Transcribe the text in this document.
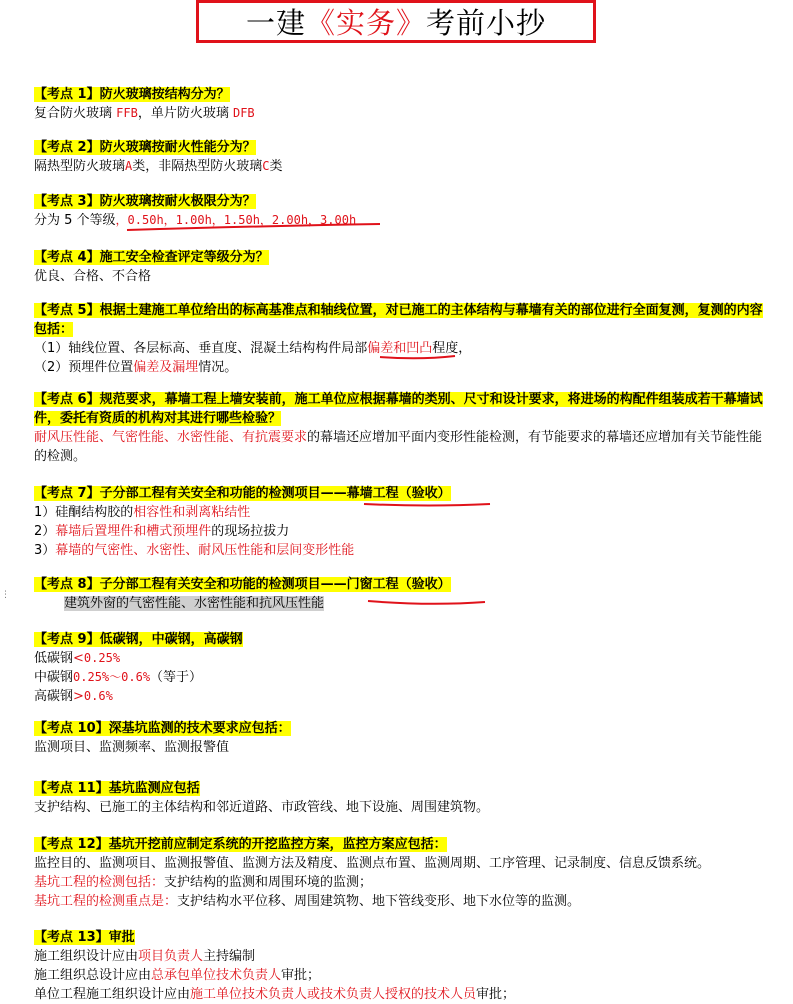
一建《实务》考前小抄
【考点 1】防火玻璃按结构分为？
复合防火玻璃 FFB，单片防火玻璃 DFB
【考点 2】防火玻璃按耐火性能分为？
隔热型防火玻璃A类，非隔热型防火玻璃C类
【考点 3】防火玻璃按耐火极限分为？
分为 5 个等级，0.50h，1.00h，1.50h，2.00h，3.00h
【考点 4】施工安全检查评定等级分为？
优良、合格、不合格
【考点 5】根据土建施工单位给出的标高基准点和轴线位置，对已施工的主体结构与幕墙有关的部位进行全面复测，复测的内容包括：
（1）轴线位置、各层标高、垂直度、混凝土结构构件局部偏差和凹凸程度，
（2）预埋件位置偏差及漏埋情况。
【考点 6】规范要求，幕墙工程上墙安装前，施工单位应根据幕墙的类别、尺寸和设计要求，将进场的构配件组装成若干幕墙试件，委托有资质的机构对其进行哪些检验？
耐风压性能、气密性能、水密性能、有抗震要求的幕墙还应增加平面内变形性能检测，有节能要求的幕墙还应增加有关节能性能的检测。
【考点 7】子分部工程有关安全和功能的检测项目——幕墙工程（验收）
1）硅酮结构胶的相容性和剥离粘结性
2）幕墙后置埋件和槽式预埋件的现场拉拔力
3）幕墙的气密性、水密性、耐风压性能和层间变形性能
【考点 8】子分部工程有关安全和功能的检测项目——门窗工程（验收）
建筑外窗的气密性能、水密性能和抗风压性能
【考点 9】低碳钢，中碳钢，高碳钢
低碳钢<0.25%
中碳钢0.25%～0.6%（等于）
高碳钢>0.6%
【考点 10】深基坑监测的技术要求应包括：
监测项目、监测频率、监测报警值
【考点 11】基坑监测应包括
支护结构、已施工的主体结构和邻近道路、市政管线、地下设施、周围建筑物。
【考点 12】基坑开挖前应制定系统的开挖监控方案，监控方案应包括：
监控目的、监测项目、监测报警值、监测方法及精度、监测点布置、监测周期、工序管理、记录制度、信息反馈系统。
基坑工程的检测包括：支护结构的监测和周围环境的监测；
基坑工程的检测重点是：支护结构水平位移、周围建筑物、地下管线变形、地下水位等的监测。
【考点 13】审批
施工组织设计应由项目负责人主持编制
施工组织总设计应由总承包单位技术负责人审批；
单位工程施工组织设计应由施工单位技术负责人或技术负责人授权的技术人员审批；
⋮
